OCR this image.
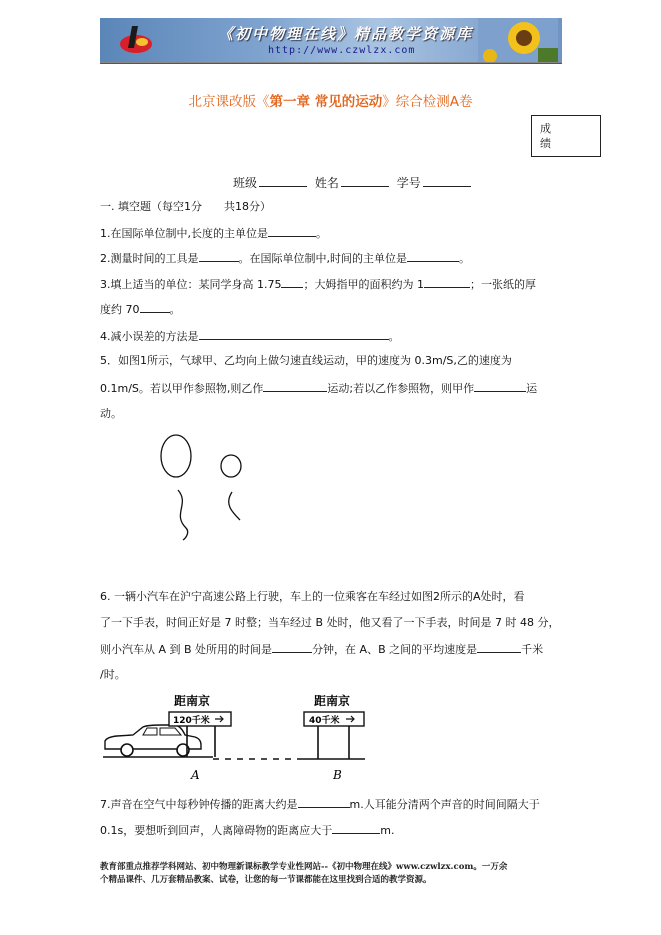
《初中物理在线》精品教学资源库
http://www.czwlzx.com
北京课改版《第一章 常见的运动》综合检测A卷
成
绩
班级	姓名	学号
一. 填空题（每空1分　　共18分）
1.在国际单位制中,长度的主单位是	。
2.测量时间的工具是	。在国际单位制中,时间的主单位是	。
3.填上适当的单位：某同学身高 1.75 ；大姆指甲的面积约为 1	；一张纸的厚
度约 70	。
4.减小误差的方法是	。
5．如图1所示，气球甲、乙均向上做匀速直线运动，甲的速度为 0.3m/S,乙的速度为
0.1m/S。若以甲作参照物,则乙作	运动;若以乙作参照物，则甲作	运
动。
6. 一辆小汽车在沪宁高速公路上行驶，车上的一位乘客在车经过如图2所示的A处时，看
了一下手表，时间正好是 7 时整；当车经过 B 处时，他又看了一下手表，时间是 7 时 48 分，
则小汽车从 A 到 B 处所用的时间是	分钟，在 A、B 之间的平均速度是	千米
/时。
距南京
120千米
A
距南京
40千米
B
7.声音在空气中每秒钟传播的距离大约是	m.人耳能分清两个声音的时间间隔大于
0.1s，要想听到回声，人离障碍物的距离应大于	m.
教育部重点推荐学科网站、初中物理新课标教学专业性网站--《初中物理在线》www.czwlzx.com。一万余
个精品课件、几万套精品教案、试卷，让您的每一节课都能在这里找到合适的教学资源。
